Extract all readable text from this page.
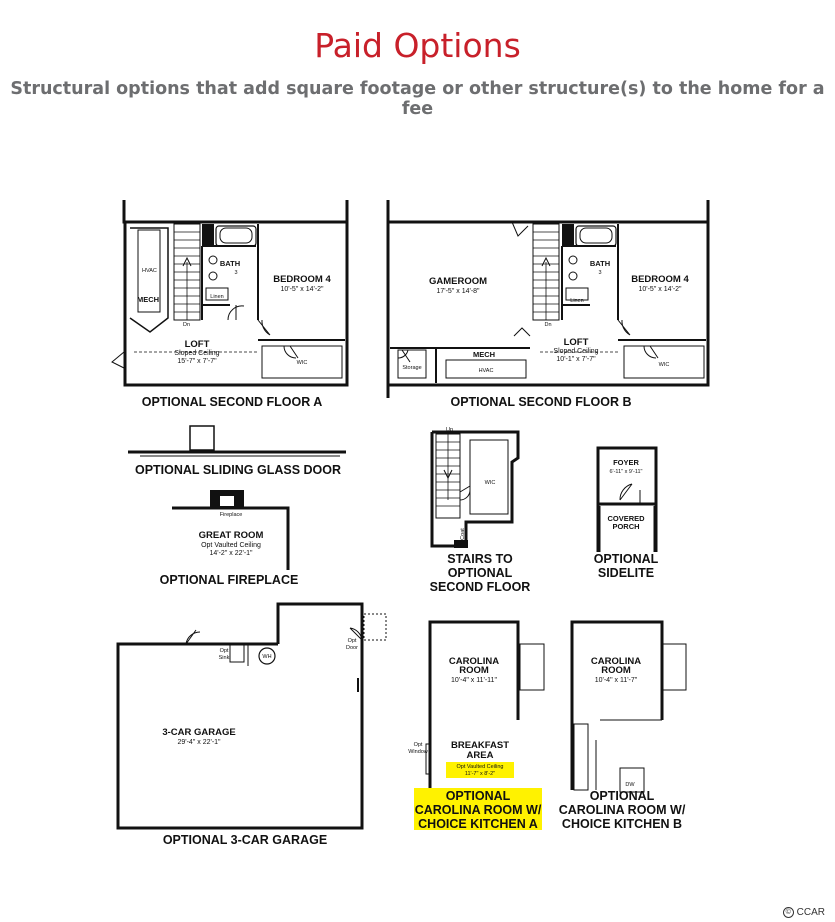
Paid Options
Structural options that add square footage or other structure(s) to the home for a fee
HVAC
MECH
Dn
BATH
3
Linen
BEDROOM 4
10'-5" x 14'-2"
LOFT
Sloped Ceiling
15'-7" x 7'-7"	WIC
OPTIONAL SECOND FLOOR A
GAMEROOM
17'-5" x 14'-8"
BEDROOM 4
10'-5" x 14'-2"
BATH
3
Linen
Dn
LOFT
Sloped Ceiling
10'-1" x 7'-7"
MECH
HVAC
Storage	WIC
OPTIONAL SECOND FLOOR B
OPTIONAL SLIDING GLASS DOOR
Fireplace
GREAT ROOM
Opt Vaulted Ceiling
14'-2" x 22'-1"
OPTIONAL FIREPLACE
Up
WIC
Coat
STAIRS TO
OPTIONAL
SECOND FLOOR
FOYER
6'-11" x 9'-11"
COVERED
PORCH
OPTIONAL
SIDELITE
Opt
Sink	WH
Opt
Door
3-CAR GARAGE
29'-4" x 22'-1"
OPTIONAL 3-CAR GARAGE
CAROLINA
ROOM
10'-4" x 11'-11"
Opt
Window
BREAKFAST
AREA
Opt Vaulted Ceiling
11'-7" x 8'-2"
OPTIONAL
CAROLINA ROOM W/
CHOICE KITCHEN A
CAROLINA
ROOM
10'-4" x 11'-7"
DW
OPTIONAL
CAROLINA ROOM W/
CHOICE KITCHEN B
© CCAR
